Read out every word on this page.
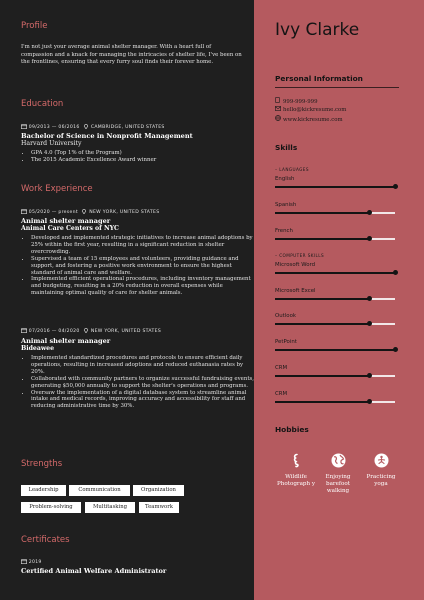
Profile
I'm not just your average animal shelter manager. With a heart full of compassion and a knack for managing the intricacies of shelter life, I've been on the frontlines, ensuring that every furry soul finds their forever home.
Education
09/2013 — 06/2016 CAMBRIDGE, UNITED STATES
Bachelor of Science in Nonprofit Management
Harvard University
• GPA 4.0 (Top 1% of the Program)
• The 2015 Academic Excellence Award winner
Work Experience
05/2020 — present NEW YORK, UNITED STATES
Animal shelter manager
Animal Care Centers of NYC
• Developed and implemented strategic initiatives to increase animal adoptions by 25% within the first year, resulting in a significant reduction in shelter overcrowding.
• Supervised a team of 15 employees and volunteers, providing guidance and support, and fostering a positive work environment to ensure the highest standard of animal care and welfare.
• Implemented efficient operational procedures, including inventory management and budgeting, resulting in a 20% reduction in overall expenses while maintaining optimal quality of care for shelter animals.
07/2016 — 04/2020 NEW YORK, UNITED STATES
Animal shelter manager
Bideawee
• Implemented standardized procedures and protocols to ensure efficient daily operations, resulting in increased adoptions and reduced euthanasia rates by 20%.
• Collaborated with community partners to organize successful fundraising events, generating $50,000 annually to support the shelter's operations and programs.
• Oversaw the implementation of a digital database system to streamline animal intake and medical records, improving accuracy and accessibility for staff and reducing administrative time by 30%.
Strengths
Leadership	Communication	Organization
Problem-solving	Multitasking	Teamwork
Certificates
2019
Certified Animal Welfare Administrator
Ivy Clarke
Personal Information
999-999-999
hello@kickresume.com
www.kickresume.com
Skills
– LANGUAGES
English
Spanish
French
– COMPUTER SKILLS
Microsoft Word
Microsoft Excel
Outlook
PetPoint
CRM
CRM
Hobbies
Wildlife Photograph y
Enjoying barefoot walking
Practicing yoga
